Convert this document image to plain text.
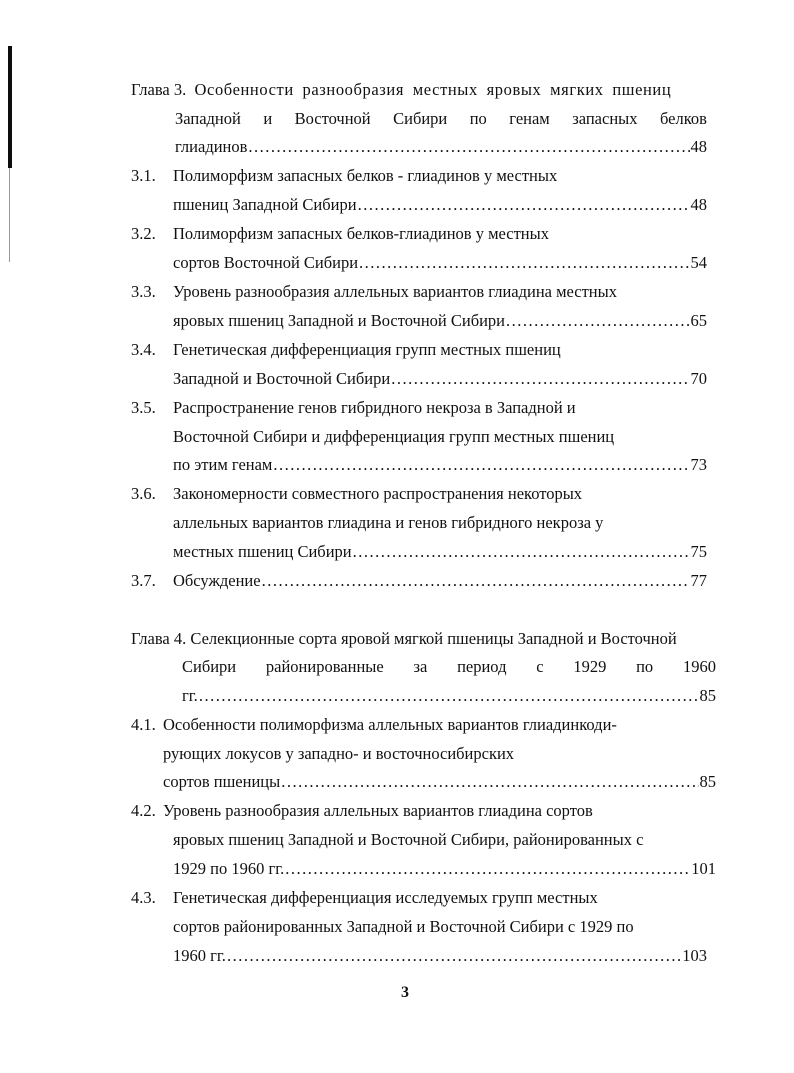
Глава 3. Особенности разнообразия местных яровых мягких пшениц
Западной и Восточной Сибири по генам запасных белков
глиадинов .....	48
3.1. Полиморфизм запасных белков - глиадинов у местных
пшениц Западной Сибири .....	48
3.2. Полиморфизм запасных белков-глиадинов у местных
сортов Восточной Сибири .....	54
3.3. Уровень разнообразия аллельных вариантов глиадина местных
яровых пшениц Западной и Восточной Сибири .....	65
3.4. Генетическая дифференциация групп местных пшениц
Западной и Восточной Сибири .....	70
3.5. Распространение генов гибридного некроза в Западной и
Восточной Сибири и дифференциация групп местных пшениц
по этим генам .....	73
3.6. Закономерности совместного распространения некоторых
аллельных вариантов глиадина и генов гибридного некроза у
местных пшениц Сибири .....	75
3.7. Обсуждение .....	77
Глава 4. Селекционные сорта яровой мягкой пшеницы Западной и Восточной
Сибири районированные за период с 1929 по 1960
гг. .....	85
4.1. Особенности полиморфизма аллельных вариантов глиадинкоди-
рующих локусов у западно- и восточносибирских
сортов пшеницы .....	85
4.2. Уровень разнообразия аллельных вариантов глиадина сортов
яровых пшениц Западной и Восточной Сибири, районированных с
1929 по 1960 гг. .....	101
4.3. Генетическая дифференциация исследуемых групп местных
сортов районированных Западной и Восточной Сибири с 1929 по
1960 гг. .....	103
3
